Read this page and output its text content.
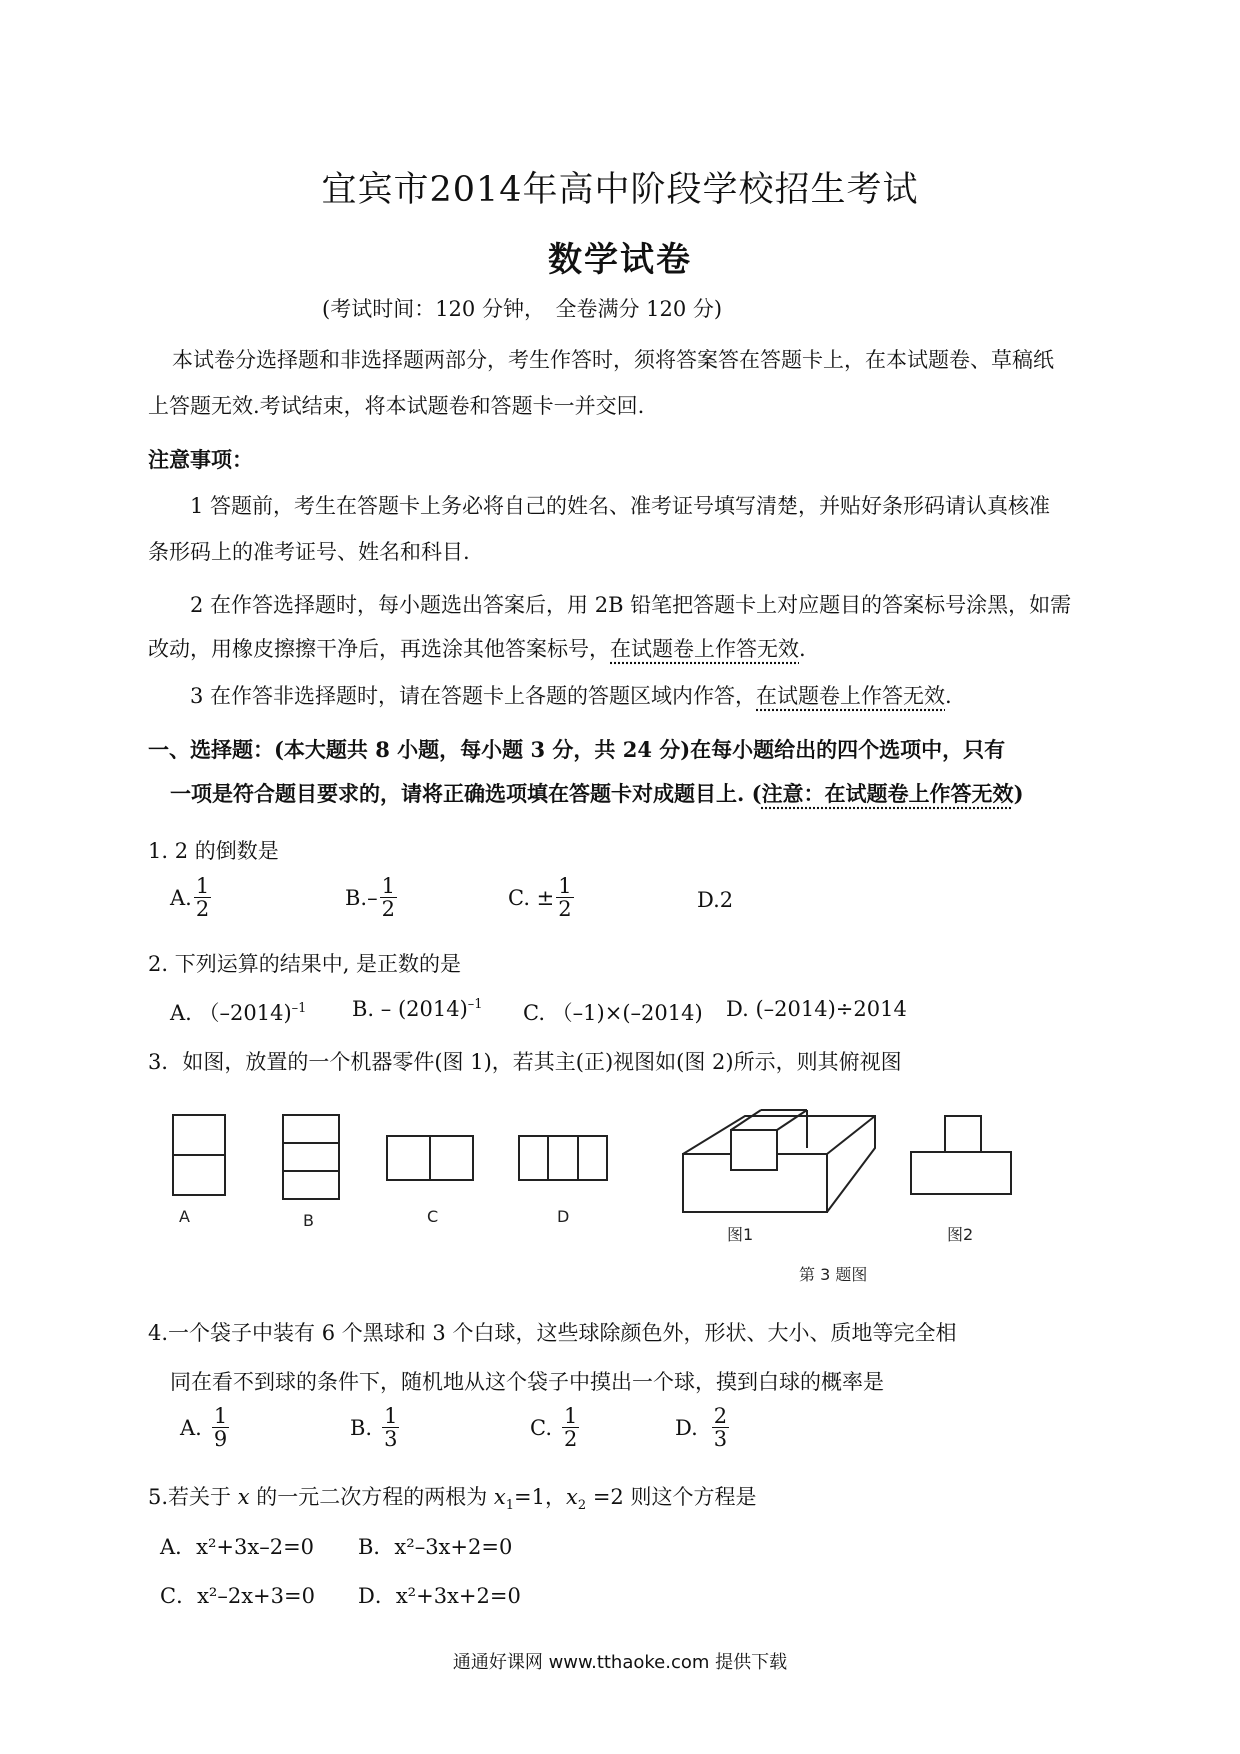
宜宾市2014年高中阶段学校招生考试
数学试卷
(考试时间：120 分钟，　全卷满分 120 分)
本试卷分选择题和非选择题两部分，考生作答时，须将答案答在答题卡上，在本试题卷、草稿纸
上答题无效.考试结束，将本试题卷和答题卡一并交回.
注意事项：
1 答题前，考生在答题卡上务必将自己的姓名、准考证号填写清楚，并贴好条形码请认真核准
条形码上的准考证号、姓名和科目.
2 在作答选择题时，每小题选出答案后，用 2B 铅笔把答题卡上对应题目的答案标号涂黑，如需
改动，用橡皮擦擦干净后，再选涂其他答案标号，在试题卷上作答无效.
3 在作答非选择题时，请在答题卡上各题的答题区域内作答，在试题卷上作答无效.
一、选择题：(本大题共 8 小题，每小题 3 分，共 24 分)在每小题给出的四个选项中，只有
一项是符合题目要求的，请将正确选项填在答题卡对成题目上. (注意：在试题卷上作答无效)
1. 2 的倒数是
A. $\frac{1}{2}$	$B.- \frac{1}{2}$	C. ± $\frac{1}{2}$	D.2
2. 下列运算的结果中, 是正数的是
A. （–2014)$^{-1}$ B. – $(2014)^{-1}$ C. （–1)×(–2014) D. (–2014)÷2014
3．如图，放置的一个机器零件(图 1)，若其主(正)视图如(图 2)所示，则其俯视图
A	B	C	D
图1	图2
第 3 题图
4.一个袋子中装有 6 个黑球和 3 个白球，这些球除颜色外，形状、大小、质地等完全相
同在看不到球的条件下，随机地从这个袋子中摸出一个球，摸到白球的概率是
A. $\frac{1}{9}$	B. $\frac{1}{3}$	C. $\frac{1}{2}$	D. $\frac{2}{3}$
5.若关于 x 的一元二次方程的两根为 $x_1=1$，$x_2 =2$ 则这个方程是
A．x²+3x–2=0 B．x²–3x+2=0
C．x²–2x+3=0 D．x²+3x+2=0
通通好课网 www.tthaoke.com 提供下载
